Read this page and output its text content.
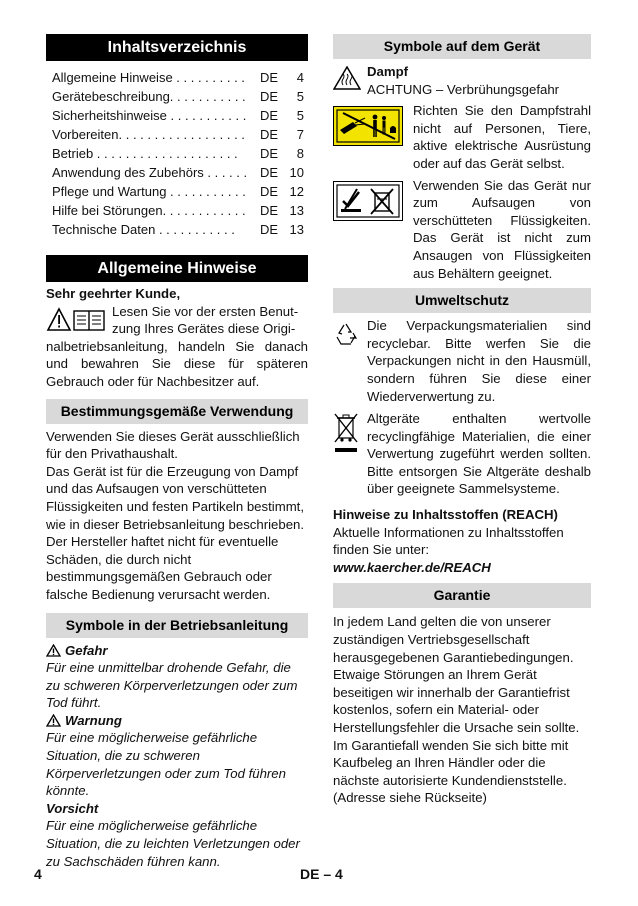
Inhaltsverzeichnis
Allgemeine Hinweise . . . . . . . . . .	DE	4
Gerätebeschreibung. . . . . . . . . . .	DE	5
Sicherheitshinweise . . . . . . . . . . .	DE	5
Vorbereiten. . . . . . . . . . . . . . . . . .	DE	7
Betrieb . . . . . . . . . . . . . . . . . . . .	DE	8
Anwendung des Zubehörs . . . . . . DE 10
Pflege und Wartung . . . . . . . . . . .	DE 12
Hilfe bei Störungen. . . . . . . . . . . .	DE 13
Technische Daten . . . . . . . . . . .	DE 13
Allgemeine Hinweise

Sehr geehrter Kunde,

Lesen Sie vor der ersten Benut-

zung Ihres Gerätes diese Origi-

nalbetriebsanleitung, handeln Sie danach und bewahren Sie diese für späteren Gebrauch oder für Nachbesitzer auf.

Bestimmungsgemäße Verwendung

Verwenden Sie dieses Gerät ausschließlich für den Privathaushalt.

Das Gerät ist für die Erzeugung von Dampf und das Aufsaugen von verschütteten Flüssigkeiten und festen Partikeln bestimmt, wie in dieser Betriebsanleitung beschrieben.

Der Hersteller haftet nicht für eventuelle Schäden, die durch nicht bestimmungsgemäßen Gebrauch oder falsche Bedienung verursacht werden.

Symbole in der Betriebsanleitung

Gefahr

Für eine unmittelbar drohende Gefahr, die zu schweren Körperverletzungen oder zum Tod führt.

Warnung

Für eine möglicherweise gefährliche Situation, die zu schweren Körperverletzungen oder zum Tod führen könnte.

Vorsicht

Für eine möglicherweise gefährliche Situation, die zu leichten Verletzungen oder zu Sachschäden führen kann.

Symbole auf dem Gerät

Dampf

ACHTUNG – Verbrühungsgefahr

Richten Sie den Dampfstrahl nicht auf Personen, Tiere, aktive elektrische Ausrüstung oder auf das Gerät selbst.

Verwenden Sie das Gerät nur zum Aufsaugen von verschütteten Flüssigkeiten. Das Gerät ist nicht zum Ansaugen von Flüssigkeiten aus Behältern geeignet.

Umweltschutz

Die Verpackungsmaterialien sind recyclebar. Bitte werfen Sie die Verpackungen nicht in den Hausmüll, sondern führen Sie diese einer Wiederverwertung zu.

Altgeräte enthalten wertvolle recyclingfähige Materialien, die einer Verwertung zugeführt werden sollten. Bitte entsorgen Sie Altgeräte deshalb über geeignete Sammelsysteme.

Hinweise zu Inhaltsstoffen (REACH)

Aktuelle Informationen zu Inhaltsstoffen finden Sie unter:

www.kaercher.de/REACH

Garantie

In jedem Land gelten die von unserer zuständigen Vertriebsgesellschaft herausgegebenen Garantiebedingungen. Etwaige Störungen an Ihrem Gerät beseitigen wir innerhalb der Garantiefrist kostenlos, sofern ein Material- oder Herstellungsfehler die Ursache sein sollte. Im Garantiefall wenden Sie sich bitte mit Kaufbeleg an Ihren Händler oder die nächste autorisierte Kundendienststelle.

(Adresse siehe Rückseite)

4	DE – 4
